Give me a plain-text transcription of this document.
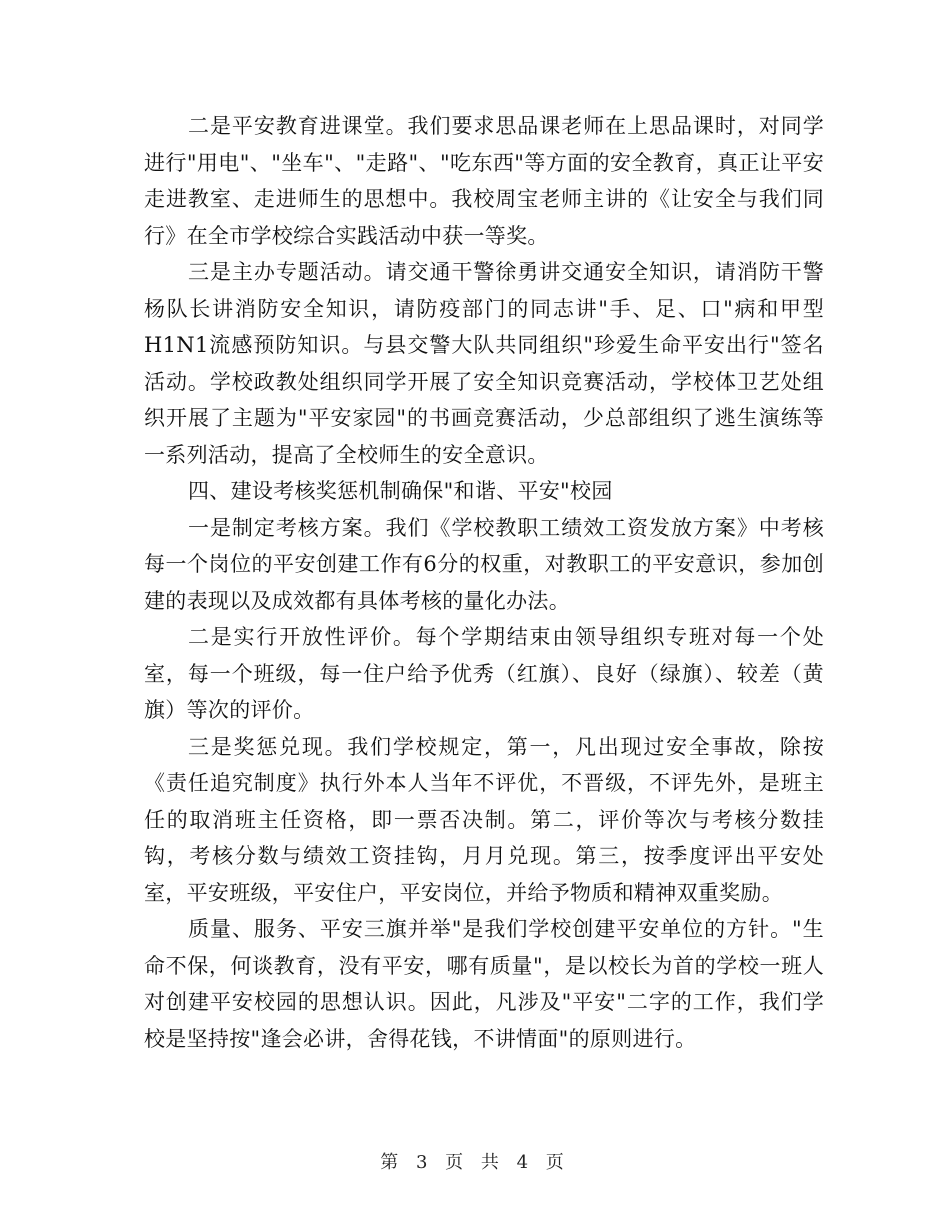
二是平安教育进课堂。我们要求思品课老师在上思品课时，对同学进行"用电"、"坐车"、"走路"、"吃东西"等方面的安全教育，真正让平安走进教室、走进师生的思想中。我校周宝老师主讲的《让安全与我们同行》在全市学校综合实践活动中获一等奖。

三是主办专题活动。请交通干警徐勇讲交通安全知识，请消防干警杨队长讲消防安全知识，请防疫部门的同志讲"手、足、口"病和甲型H1N1流感预防知识。与县交警大队共同组织"珍爱生命平安出行"签名活动。学校政教处组织同学开展了安全知识竞赛活动，学校体卫艺处组织开展了主题为"平安家园"的书画竞赛活动，少总部组织了逃生演练等一系列活动，提高了全校师生的安全意识。

四、建设考核奖惩机制确保"和谐、平安"校园

一是制定考核方案。我们《学校教职工绩效工资发放方案》中考核每一个岗位的平安创建工作有6分的权重，对教职工的平安意识，参加创建的表现以及成效都有具体考核的量化办法。

二是实行开放性评价。每个学期结束由领导组织专班对每一个处室，每一个班级，每一住户给予优秀（红旗）、良好（绿旗）、较差（黄旗）等次的评价。

三是奖惩兑现。我们学校规定，第一，凡出现过安全事故，除按《责任追究制度》执行外本人当年不评优，不晋级，不评先外，是班主任的取消班主任资格，即一票否决制。第二，评价等次与考核分数挂钩，考核分数与绩效工资挂钩，月月兑现。第三，按季度评出平安处室，平安班级，平安住户，平安岗位，并给予物质和精神双重奖励。

质量、服务、平安三旗并举"是我们学校创建平安单位的方针。"生命不保，何谈教育，没有平安，哪有质量"，是以校长为首的学校一班人对创建平安校园的思想认识。因此，凡涉及"平安"二字的工作，我们学校是坚持按"逢会必讲，舍得花钱，不讲情面"的原则进行。

第 3 页 共 4 页
